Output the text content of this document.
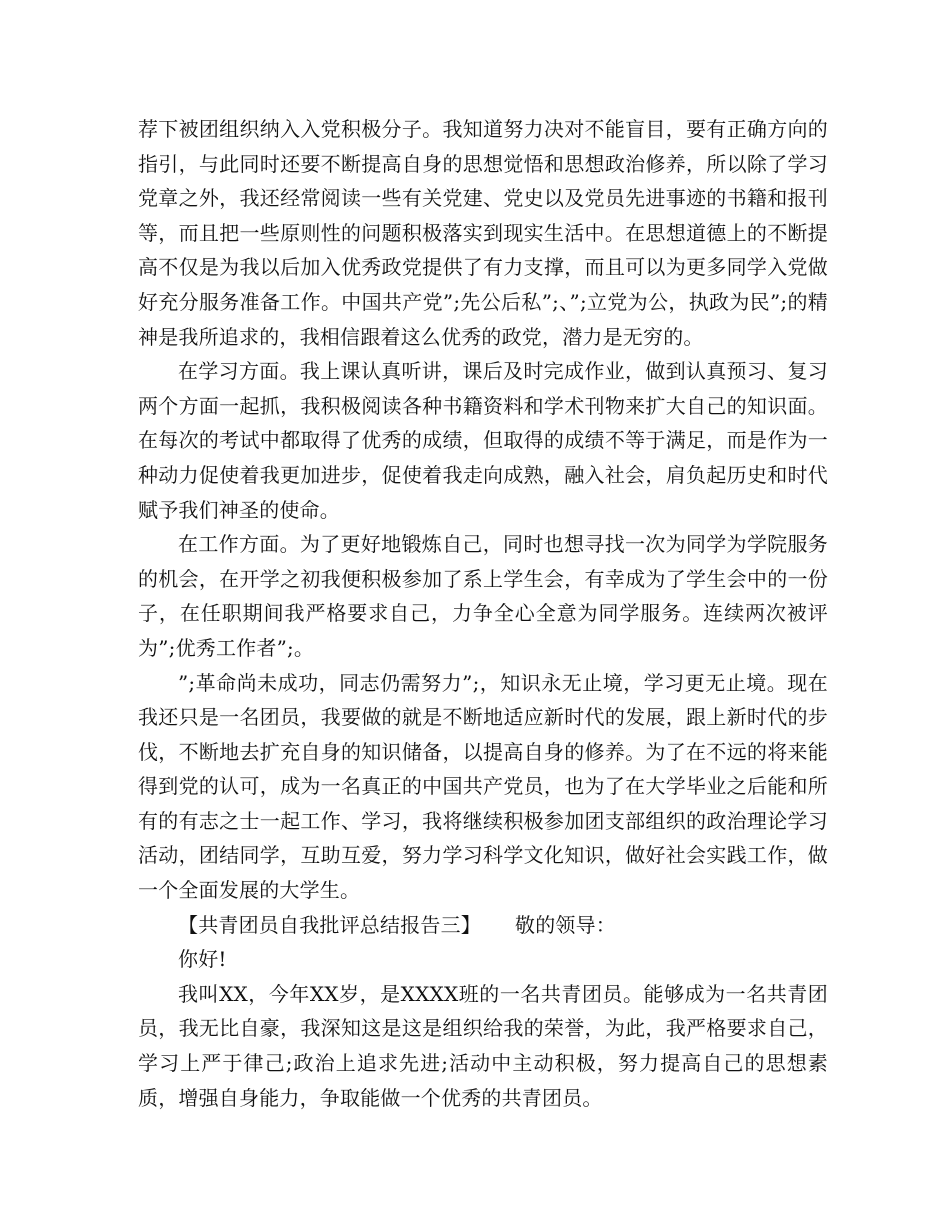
荐下被团组织纳入入党积极分子。我知道努力决对不能盲目，要有正确方向的指引，与此同时还要不断提高自身的思想觉悟和思想政治修养，所以除了学习党章之外，我还经常阅读一些有关党建、党史以及党员先进事迹的书籍和报刊等，而且把一些原则性的问题积极落实到现实生活中。在思想道德上的不断提高不仅是为我以后加入优秀政党提供了有力支撑，而且可以为更多同学入党做好充分服务准备工作。中国共产党”;先公后私”;、”;立党为公，执政为民”;的精神是我所追求的，我相信跟着这么优秀的政党，潜力是无穷的。

在学习方面。我上课认真听讲，课后及时完成作业，做到认真预习、复习两个方面一起抓，我积极阅读各种书籍资料和学术刊物来扩大自己的知识面。在每次的考试中都取得了优秀的成绩，但取得的成绩不等于满足，而是作为一种动力促使着我更加进步，促使着我走向成熟，融入社会，肩负起历史和时代赋予我们神圣的使命。

在工作方面。为了更好地锻炼自己，同时也想寻找一次为同学为学院服务的机会，在开学之初我便积极参加了系上学生会，有幸成为了学生会中的一份子，在任职期间我严格要求自己，力争全心全意为同学服务。连续两次被评为”;优秀工作者”;。

”;革命尚未成功，同志仍需努力”;，知识永无止境，学习更无止境。现在我还只是一名团员，我要做的就是不断地适应新时代的发展，跟上新时代的步伐，不断地去扩充自身的知识储备，以提高自身的修养。为了在不远的将来能得到党的认可，成为一名真正的中国共产党员，也为了在大学毕业之后能和所有的有志之士一起工作、学习，我将继续积极参加团支部组织的政治理论学习活动，团结同学，互助互爱，努力学习科学文化知识，做好社会实践工作，做一个全面发展的大学生。

【共青团员自我批评总结报告三】 敬的领导：

你好!

我叫XX，今年XX岁，是XXXX班的一名共青团员。能够成为一名共青团员，我无比自豪，我深知这是这是组织给我的荣誉，为此，我严格要求自己，学习上严于律己;政治上追求先进;活动中主动积极，努力提高自己的思想素质，增强自身能力，争取能做一个优秀的共青团员。
